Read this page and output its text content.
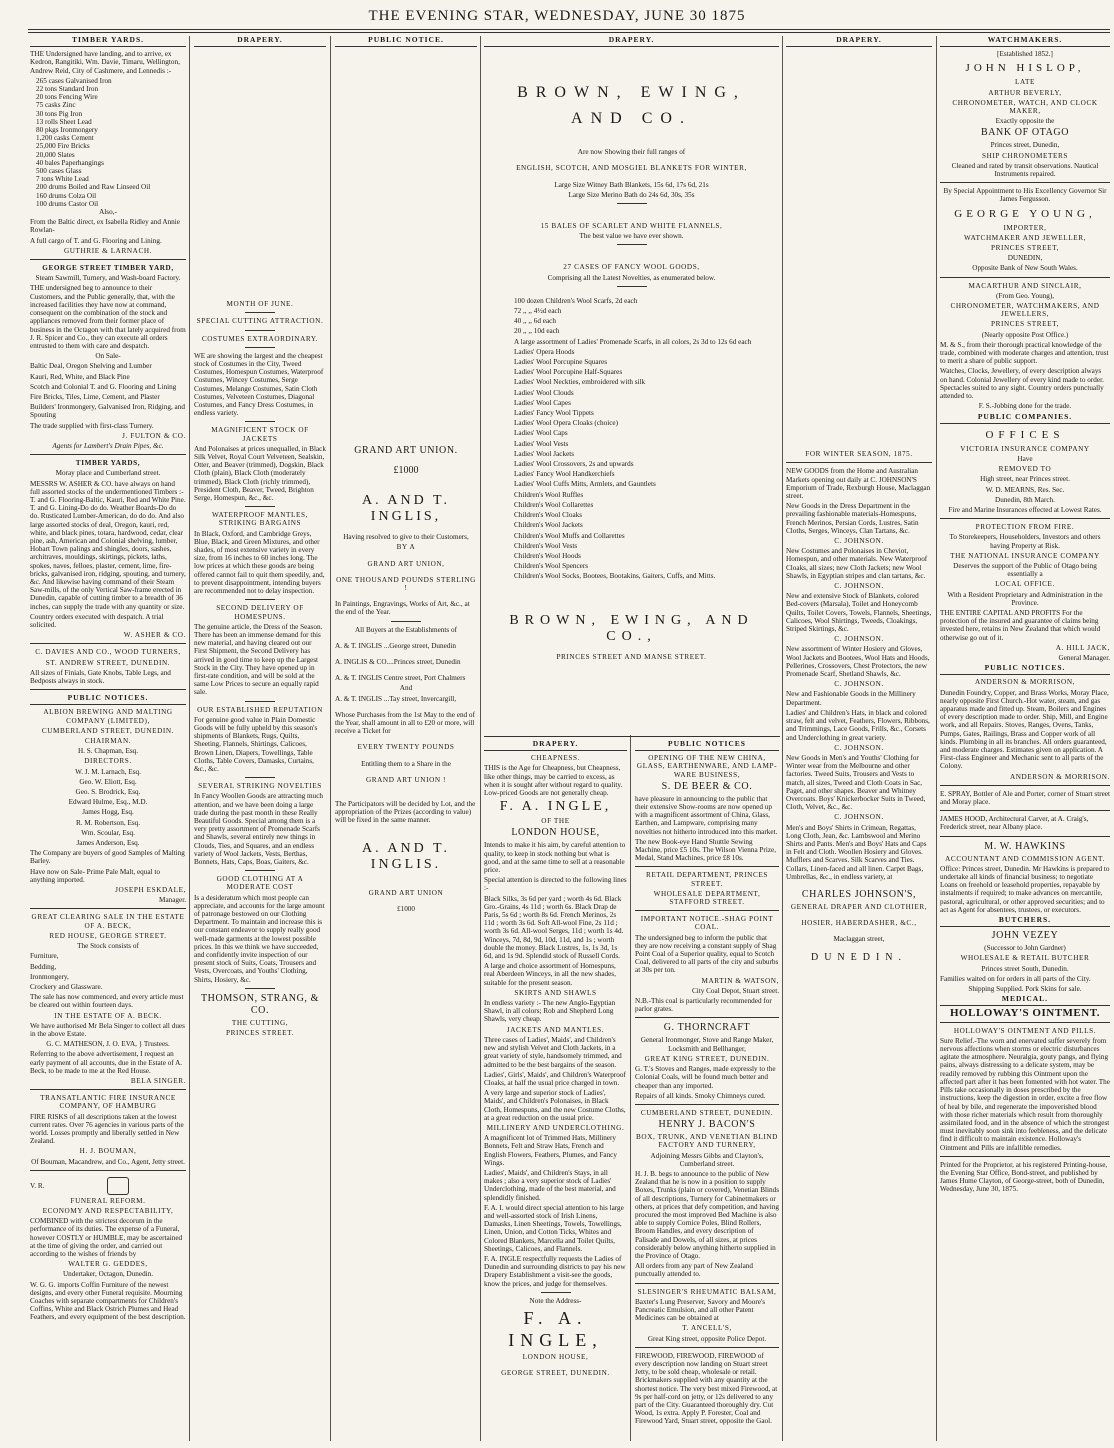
THE EVENING STAR, WEDNESDAY, JUNE 30 1875
TIMBER YARDS.

THE Undersigned have landing, and to arrive, ex Kedron, Rangitiki, Wm. Davie, Timaru, Wellington, Andrew Reid, City of Cashmere, and Lennedis :-

265 cases Galvanised Iron
22 tons Standard Iron
20 tons Fencing Wire
75 casks Zinc
30 tons Pig Iron
13 rolls Sheet Lead
80 pkgs Ironmongery
1,200 casks Cement
25,000 Fire Bricks
20,000 Slates
40 bales Paperhangings
500 cases Glass
7 tons White Lead
200 drums Boiled and Raw Linseed Oil
160 drums Colza Oil
100 drums Castor Oil

Also,-

From the Baltic direct, ex Isabella Ridley and Annie Rowlan-

A full cargo of T. and G. Flooring and Lining.

GUTHRIE & LARNACH.

GEORGE STREET TIMBER YARD,

Steam Sawmill, Turnery, and Wash-board Factory.

THE undersigned beg to announce to their Customers, and the Public generally, that, with the increased facilities they have now at command, consequent on the combination of the stock and appliances removed from their former place of business in the Octagon with that lately acquired from J. R. Spicer and Co., they can execute all orders entrusted to them with care and despatch.

On Sale-

Baltic Deal, Oregon Shelving and Lumber

Kauri, Red, White, and Black Pine

Scotch and Colonial T. and G. Flooring and Lining

Fire Bricks, Tiles, Lime, Cement, and Plaster

Builders' Ironmongery, Galvanised Iron, Ridging, and Spouting

The trade supplied with first-class Turnery.

J. FULTON & CO.

Agents for Lambert's Drain Pipes, &c.

TIMBER YARDS,

Moray place and Cumberland street.

MESSRS W. ASHER & CO. have always on hand full assorted stocks of the undermentioned Timbers :- T. and G. Flooring-Baltic, Kauri, Red and White Pine. T. and G. Lining-Do do do. Weather Boards-Do do do. Rusticated Lumber-American, do do do. And also large assorted stocks of deal, Oregon, kauri, red, white, and black pines, totara, hardwood, cedar, clear pine, ash, American and Colonial shelving, lumber, Hobart Town palings and shingles, doors, sashes, architraves, mouldings, skirtings, pickets, laths, spokes, naves, felloes, plaster, cement, lime, fire-bricks, galvanised iron, ridging, spouting, and turnery, &c. And likewise having command of their Steam Saw-mills, of the only Vertical Saw-frame erected in Dunedin, capable of cutting timber to a breadth of 36 inches, can supply the trade with any quantity or size.

Country orders executed with despatch. A trial solicited.

W. ASHER & CO.

C. DAVIES AND CO., WOOD TURNERS,

ST. ANDREW STREET, DUNEDIN.

All sizes of Finials, Gate Knobs, Table Legs, and Bedposts always in stock.

PUBLIC NOTICES.

ALBION BREWING AND MALTING COMPANY (LIMITED),

CUMBERLAND STREET, DUNEDIN.

CHAIRMAN.

H. S. Chapman, Esq.

DIRECTORS.

W. J. M. Larnach, Esq.

Geo. W. Eliott, Esq.

Geo. S. Brodrick, Esq.

Edward Hulme, Esq., M.D.

James Hogg, Esq.

R. M. Robertson, Esq.

Wm. Scoular, Esq.

James Anderson, Esq.

The Company are buyers of good Samples of Malting Barley.

Have now on Sale- Prime Pale Malt, equal to anything imported.

JOSEPH ESKDALE,

Manager.

GREAT CLEARING SALE IN THE ESTATE OF A. BECK,

RED HOUSE, GEORGE STREET.

The Stock consists of

Furniture,

Bedding,

Ironmongery,

Crockery and Glassware.

The sale has now commenced, and every article must be cleared out within fourteen days.

IN THE ESTATE OF A. BECK.

We have authorised Mr Bela Singer to collect all dues in the above Estate.

G. C. MATHESON, J. O. EVA, } Trustees.

Referring to the above advertisement, I request an early payment of all accounts, due in the Estate of A. Beck, to be made to me at the Red House.

BELA SINGER.

TRANSATLANTIC FIRE INSURANCE COMPANY, OF HAMBURG

FIRE RISKS of all descriptions taken at the lowest current rates. Over 76 agencies in various parts of the world. Losses promptly and liberally settled in New Zealand.

H. J. BOUMAN,

Of Bouman, Macandrew, and Co., Agent, Jetty street.

V. R.

FUNERAL REFORM.

ECONOMY AND RESPECTABILITY,

COMBINED with the strictest decorum in the performance of its duties. The expense of a Funeral, however COSTLY or HUMBLE, may be ascertained at the time of giving the order, and carried out according to the wishes of friends by

WALTER G. GEDDES,

Undertaker, Octagon, Dunedin.

W. G. G. imports Coffin Furniture of the newest designs, and every other Funeral requisite. Mourning Coaches with separate compartments for Children's Coffins, White and Black Ostrich Plumes and Head Feathers, and every equipment of the best description.

DRAPERY.

MONTH OF JUNE.

SPECIAL CUTTING ATTRACTION.

COSTUMES EXTRAORDINARY.

WE are showing the largest and the cheapest stock of Costumes in the City, Tweed Costumes, Homespun Costumes, Waterproof Costumes, Wincey Costumes, Serge Costumes, Melange Costumes, Satin Cloth Costumes, Velveteen Costumes, Diagonal Costumes, and Fancy Dress Costumes, in endless variety.

MAGNIFICENT STOCK OF JACKETS

And Polonaises at prices unequalled, in Black Silk Velvet, Royal Court Velveteen, Sealskin, Otter, and Beaver (trimmed), Dogskin, Black Cloth (plain), Black Cloth (moderately trimmed), Black Cloth (richly trimmed), President Cloth, Beaver, Tweed, Brighton Serge, Homespun, &c., &c.

WATERPROOF MANTLES, STRIKING BARGAINS

In Black, Oxford, and Cambridge Greys, Blue, Black, and Green Mixtures, and other shades, of most extensive variety in every size, from 16 inches to 60 inches long. The low prices at which these goods are being offered cannot fail to quit them speedily, and, to prevent disappointment, intending buyers are recommended not to delay inspection.

SECOND DELIVERY OF HOMESPUNS.

The genuine article, the Dress of the Season. There has been an immense demand for this new material, and having cleared out our First Shipment, the Second Delivery has arrived in good time to keep up the Largest Stock in the City. They have opened up in first-rate condition, and will be sold at the same Low Prices to secure an equally rapid sale.

OUR ESTABLISHED REPUTATION

For genuine good value in Plain Domestic Goods will be fully upheld by this season's shipments of Blankets, Rugs, Quilts, Sheeting, Flannels, Shirtings, Calicoes, Brown Linen, Diapers, Towellings, Table Cloths, Table Covers, Damasks, Curtains, &c., &c.

SEVERAL STRIKING NOVELTIES

In Fancy Woollen Goods are attracting much attention, and we have been doing a large trade during the past month in these Really Beautiful Goods. Special among them is a very pretty assortment of Promenade Scarfs and Shawls, several entirely new things in Clouds, Ties, and Squares, and an endless variety of Wool Jackets, Vests, Berthas, Bonnets, Hats, Caps, Boas, Gaiters, &c.

GOOD CLOTHING AT A MODERATE COST

Is a desideratum which most people can appreciate, and accounts for the large amount of patronage bestowed on our Clothing Department. To maintain and increase this is our constant endeavor to supply really good well-made garments at the lowest possible prices. In this we think we have succeeded, and confidently invite inspection of our present stock of Suits, Coats, Trousers and Vests, Overcoats, and Youths' Clothing, Shirts, Hosiery, &c.

THOMSON, STRANG, & CO.

THE CUTTING,

PRINCES STREET.

PUBLIC NOTICE.

GRAND ART UNION.

£1000

A. AND T. INGLIS,

Having resolved to give to their Customers,

BY A

GRAND ART UNION,

ONE THOUSAND POUNDS STERLING !

In Paintings, Engravings, Works of Art, &c., at the end of the Year.

All Buyers at the Establishments of

A. & T. INGLIS ...George street, Dunedin

A. INGLIS & CO....Princes street, Dunedin

A. & T. INGLIS Centre street, Port Chalmers

And

A. & T. INGLIS ...Tay street, Invercargill,

Whose Purchases from the 1st May to the end of the Year, shall amount in all to £20 or more, will receive a Ticket for

EVERY TWENTY POUNDS

Entitling them to a Share in the

GRAND ART UNION !

The Participators will be decided by Lot, and the appropriation of the Prizes (according to value) will be fixed in the same manner.

A. AND T. INGLIS.

GRAND ART UNION

£1000

DRAPERY.

BROWN, EWING, AND CO.

Are now Showing their full ranges of

ENGLISH, SCOTCH, AND MOSGIEL BLANKETS FOR WINTER,

Large Size Witney Bath Blankets, 15s 6d, 17s 6d, 21s

Large Size Merino Bath do 24s 6d, 30s, 35s

15 BALES OF SCARLET AND WHITE FLANNELS,

The best value we have ever shown.

27 CASES OF FANCY WOOL GOODS,

Comprising all the Latest Novelties, as enumerated below.

100 dozen Children's Wool Scarfs, 2d each

72 ,, ,, 4½d each

40 ,, ,, 6d each

20 ,, ,, 10d each

A large assortment of Ladies' Promenade Scarfs, in all colors, 2s 3d to 12s 6d each

Ladies' Opera Hoods

Ladies' Wool Porcupine Squares

Ladies' Wool Porcupine Half-Squares

Ladies' Wool Neckties, embroidered with silk

Ladies' Wool Clouds

Ladies' Wool Capes

Ladies' Fancy Wool Tippets

Ladies' Wool Opera Cloaks (choice)

Ladies' Wool Caps

Ladies' Wool Vests

Ladies' Wool Jackets

Ladies' Wool Crossovers, 2s and upwards

Ladies' Fancy Wool Handkerchiefs

Ladies' Wool Cuffs Mitts, Armlets, and Gauntlets

Children's Wool Ruffles

Children's Wool Collarettes

Children's Wool Cloaks

Children's Wool Jackets

Children's Wool Muffs and Collarettes

Children's Wool Vests

Children's Wool Hoods

Children's Wool Spencers

Children's Wool Socks, Bootees, Bootakins, Gaiters, Cuffs, and Mitts.

BROWN, EWING, AND CO.,

PRINCES STREET AND MANSE STREET.

DRAPERY.

CHEAPNESS.

THIS is the Age for Cheapness, but Cheapness, like other things, may be carried to excess, as when it is sought after without regard to quality. Low-priced Goods are not generally cheap.

F. A. INGLE,

OF THE

LONDON HOUSE,

Intends to make it his aim, by careful attention to quality, to keep in stock nothing but what is good, and at the same time to sell at a reasonable price.

Special attention is directed to the following lines :-

Black Silks, 3s 6d per yard ; worth 4s 6d. Black Gro.-Grains, 4s 11d ; worth 6s. Black Drap de Paris, 5s 6d ; worth 8s 6d. French Merinos, 2s 11d ; worth 3s 6d. Soft All-wool Fine, 2s 11d ; worth 3s 6d. All-wool Serges, 11d ; worth 1s 4d. Winceys, 7d, 8d, 9d, 10d, 11d, and 1s ; worth double the money. Black Lustres, 1s, 1s 3d, 1s 6d, and 1s 9d. Splendid stock of Russell Cords.

A large and choice assortment of Homespuns, real Aberdeen Winceys, in all the new shades, suitable for the present season.

SKIRTS AND SHAWLS

In endless variety :- The new Anglo-Egyptian Shawl, in all colors; Rob and Shepherd Long Shawls, very cheap.

JACKETS AND MANTLES.

Three cases of Ladies', Maids', and Children's new and stylish Velvet and Cloth Jackets, in a great variety of style, handsomely trimmed, and admitted to be the best bargains of the season.

Ladies', Girls', Maids', and Children's Waterproof Cloaks, at half the usual price charged in town.

A very large and superior stock of Ladies', Maids', and Children's Polonaises, in Black Cloth, Homespuns, and the new Costume Cloths, at a great reduction on the usual price.

MILLINERY AND UNDERCLOTHING.

A magnificent lot of Trimmed Hats, Millinery Bonnets, Felt and Straw Hats, French and English Flowers, Feathers, Plumes, and Fancy Wings.

Ladies', Maids', and Children's Stays, in all makes ; also a very superior stock of Ladies' Underclothing, made of the best material, and splendidly finished.

F. A. I. would direct special attention to his large and well-assorted stock of Irish Linens, Damasks, Linen Sheetings, Towels, Towellings, Linen, Union, and Cotton Ticks, Whites and Colored Blankets, Marcella and Toilet Quilts, Sheetings, Calicoes, and Flannels.

F. A. INGLE respectfully requests the Ladies of Dunedin and surrounding districts to pay his new Drapery Establishment a visit-see the goods, know the prices, and judge for themselves.

Note the Address-

F. A. INGLE,

LONDON HOUSE,

GEORGE STREET, DUNEDIN.

PUBLIC NOTICES

OPENING OF THE NEW CHINA, GLASS, EARTHENWARE, AND LAMP-WARE BUSINESS,

S. DE BEER & CO.

have pleasure in announcing to the public that their extensive Show-rooms are now opened up with a magnificent assortment of China, Glass, Earthen, and Lampware, comprising many novelties not hitherto introduced into this market.

The new Book-eye Hand Shuttle Sewing Machine, price £5 10s. The Wilson Vienna Prize, Medal, Stand Machines, price £8 10s.

RETAIL DEPARTMENT, PRINCES STREET.

WHOLESALE DEPARTMENT, STAFFORD STREET.

IMPORTANT NOTICE.-SHAG POINT COAL.

The undersigned beg to inform the public that they are now receiving a constant supply of Shag Point Coal of a Superior quality, equal to Scotch Coal, delivered to all parts of the city and suburbs at 30s per ton.

MARTIN & WATSON,

City Coal Depot, Stuart street.

N.B.-This coal is particularly recommended for parlor grates.

G. THORNCRAFT

General Ironmonger, Stove and Range Maker, Locksmith and Bellhanger,

GREAT KING STREET, DUNEDIN.

G. T.'s Stoves and Ranges, made expressly to the Colonial Coals, will be found much better and cheaper than any imported.

Repairs of all kinds. Smoky Chimneys cured.

CUMBERLAND STREET, DUNEDIN.

HENRY J. BACON'S

BOX, TRUNK, AND VENETIAN BLIND FACTORY AND TURNERY,

Adjoining Messrs Gibbs and Clayton's, Cumberland street.

H. J. B. begs to announce to the public of New Zealand that he is now in a position to supply Boxes, Trunks (plain or covered), Venetian Blinds of all descriptions, Turnery for Cabinetmakers or others, at prices that defy competition, and having procured the most improved Bed Machine is also able to supply Cornice Poles, Blind Rollers, Broom Handles, and every description of Palisade and Dowels, of all sizes, at prices considerably below anything hitherto supplied in the Province of Otago.

All orders from any part of New Zealand punctually attended to.

SLESINGER'S RHEUMATIC BALSAM,

Baxter's Lung Preserver, Savory and Moore's Pancreatic Emulsion, and all other Patent Medicines can be obtained at

T. ANCELL'S,

Great King street, opposite Police Depot.

FIREWOOD, FIREWOOD, FIREWOOD of every description now landing on Stuart street Jetty, to be sold cheap, wholesale or retail. Brickmakers supplied with any quantity at the shortest notice. The very best mixed Firewood, at 9s per half-cord on jetty, or 12s delivered to any part of the City. Guaranteed thoroughly dry. Cut Wood, 1s extra. Apply P. Forester, Coal and Firewood Yard, Stuart street, opposite the Gaol.

DRAPERY.

FOR WINTER SEASON, 1875.

NEW GOODS from the Home and Australian Markets opening out daily at C. JOHNSON'S Emporium of Trade, Rexburgh House, Maclaggan street.

New Goods in the Dress Department in the prevailing fashionable materials-Homespuns, French Merinos, Persian Cords, Lustres, Satin Cloths, Serges, Winceys, Clan Tartans, &c.

C. JOHNSON.

New Costumes and Polonaises in Cheviot, Homespun, and other materials. New Waterproof Cloaks, all sizes; new Cloth Jackets; new Wool Shawls, in Egyptian stripes and clan tartans, &c.

C. JOHNSON.

New and extensive Stock of Blankets, colored Bed-covers (Marsala), Toilet and Honeycomb Quilts, Toilet Covers, Towels, Flannels, Sheetings, Calicoes, Wool Shirtings, Tweeds, Cloakings, Striped Skirtings, &c.

C. JOHNSON.

New assortment of Winter Hosiery and Gloves, Wool Jackets and Bootees, Wool Hats and Hoods, Pellerines, Crossovers, Chest Protectors, the new Promenade Scarf, Shetland Shawls, &c.

C. JOHNSON.

New and Fashionable Goods in the Millinery Department.

Ladies' and Children's Hats, in black and colored straw, felt and velvet, Feathers, Flowers, Ribbons, and Trimmings, Lace Goods, Frills, &c., Corsets and Underclothing in great variety.

C. JOHNSON.

New Goods in Men's and Youths' Clothing for Winter wear from the Melbourne and other factories. Tweed Suits, Trousers and Vests to match, all sizes, Tweed and Cloth Coats in Sac, Paget, and other shapes. Beaver and Whitney Overcoats. Boys' Knickerbocker Suits in Tweed, Cloth, Velvet, &c., &c.

C. JOHNSON.

Men's and Boys' Shirts in Crimean, Regattas, Long Cloth, Jean, &c. Lambswool and Merino Shirts and Pants. Men's and Boys' Hats and Caps in Felt and Cloth. Woollen Hosiery and Gloves. Mufflers and Scarves. Silk Scarves and Ties. Collars, Linen-faced and all linen. Carpet Bags, Umbrellas, &c., in endless variety, at

CHARLES JOHNSON'S,

GENERAL DRAPER AND CLOTHIER,

HOSIER, HABERDASHER, &C.,

Maclaggan street,

DUNEDIN.

WATCHMAKERS.

[Established 1852.]

JOHN HISLOP,

LATE

ARTHUR BEVERLY,

CHRONOMETER, WATCH, AND CLOCK MAKER,

Exactly opposite the

BANK OF OTAGO

Princes street, Dunedin,

SHIP CHRONOMETERS

Cleaned and rated by transit observations. Nautical Instruments repaired.

By Special Appointment to His Excellency Governor Sir James Fergusson.

GEORGE YOUNG,

IMPORTER,

WATCHMAKER AND JEWELLER,

PRINCES STREET,

DUNEDIN,

Opposite Bank of New South Wales.

MACARTHUR AND SINCLAIR,

(From Geo. Young),

CHRONOMETER, WATCHMAKERS, AND JEWELLERS,

PRINCES STREET,

(Nearly opposite Post Office.)

M. & S., from their thorough practical knowledge of the trade, combined with moderate charges and attention, trust to merit a share of public support.

Watches, Clocks, Jewellery, of every description always on hand. Colonial Jewellery of every kind made to order. Spectacles suited to any sight. Country orders punctually attended to.

F. S.-Jobbing done for the trade.

PUBLIC COMPANIES.

OFFICES

VICTORIA INSURANCE COMPANY

Have

REMOVED TO

High street, near Princes street.

W. D. MEARNS, Res. Sec.

Dunedin, 8th March.

Fire and Marine Insurances effected at Lowest Rates.

PROTECTION FROM FIRE.

To Storekeepers, Householders, Investors and others having Property at Risk.

THE NATIONAL INSURANCE COMPANY

Deserves the support of the Public of Otago being essentially a

LOCAL OFFICE.

With a Resident Proprietary and Administration in the Province.

THE ENTIRE CAPITAL AND PROFITS For the protection of the insured and guarantee of claims being invested here, retains in New Zealand that which would otherwise go out of it.

A. HILL JACK,

General Manager.

PUBLIC NOTICES.

ANDERSON & MORRISON,

Dunedin Foundry, Copper, and Brass Works, Moray Place, nearly opposite First Church.-Hot water, steam, and gas apparatus made and fitted up. Steam, Boilers and Engines of every description made to order. Ship, Mill, and Engine work, and all Repairs. Stoves, Ranges, Ovens, Tanks, Pumps, Gates, Railings, Brass and Copper work of all kinds. Plumbing in all its branches. All orders guaranteed, and moderate charges. Estimates given on application. A First-class Engineer and Mechanic sent to all parts of the Colony.

ANDERSON & MORRISON.

E. SPRAY, Bottler of Ale and Porter, corner of Stuart street and Moray place.

JAMES HOOD, Architectural Carver, at A. Craig's, Frederick street, near Albany place.

M. W. HAWKINS

ACCOUNTANT AND COMMISSION AGENT.

Office: Princes street, Dunedin. Mr Hawkins is prepared to undertake all kinds of financial business; to negotiate Loans on freehold or leasehold properties, repayable by instalments if required; to make advances on mercantile, pastoral, agricultural, or other approved securities; and to act as Agent for absentees, trustees, or executors.

BUTCHERS.

JOHN VEZEY

(Successor to John Gardner)

WHOLESALE & RETAIL BUTCHER

Princes street South, Dunedin.

Families waited on for orders in all parts of the City.

Shipping Supplied. Pork Skins for sale.

MEDICAL.

HOLLOWAY'S OINTMENT.

HOLLOWAY'S OINTMENT AND PILLS.

Sure Relief.-The worn and enervated suffer severely from nervous affections when storms or electric disturbances agitate the atmosphere. Neuralgia, gouty pangs, and flying pains, always distressing to a delicate system, may be readily removed by rubbing this Ointment upon the affected part after it has been fomented with hot water. The Pills take occasionally in doses prescribed by the instructions, keep the digestion in order, excite a free flow of heal by bile, and regenerate the impoverished blood with those richer materials which result from thoroughly assimilated food, and in the absence of which the strongest must inevitably soon sink into feebleness, and the delicate find it difficult to maintain existence. Holloway's Ointment and Pills are infallible remedies.

Printed for the Proprietor, at his registered Printing-house, the Evening Star Office, Bond-street, and published by James Hume Clayton, of George-street, both of Dunedin, Wednesday, June 30, 1875.
